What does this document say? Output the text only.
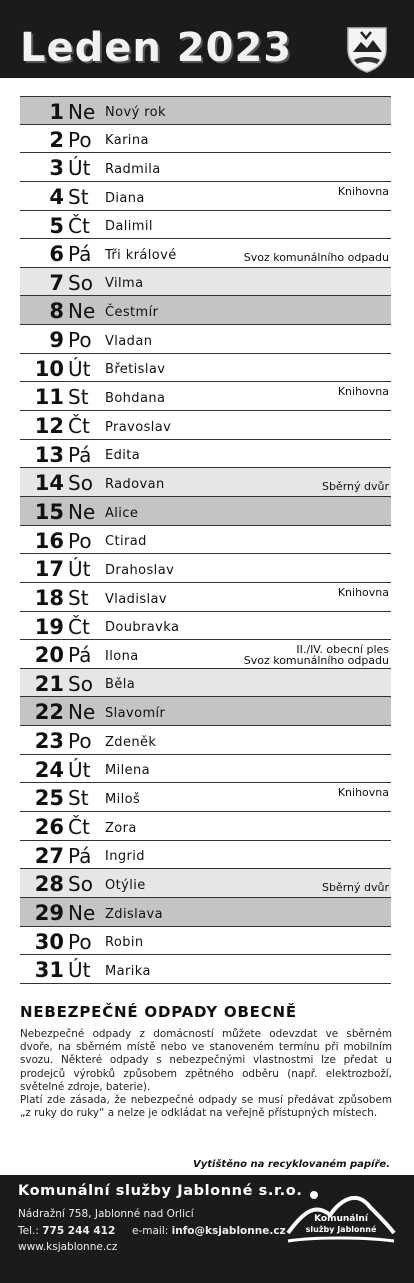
Leden 2023
1 Ne Nový rok
2 Po Karina
3 Út Radmila
4 St Diana	Knihovna
5 Čt Dalimil
6 Pá Tři králové	Svoz komunálního odpadu
7 So Vilma
8 Ne Čestmír
9 Po Vladan
10 Út Břetislav
11 St Bohdana	Knihovna
12 Čt Pravoslav
13 Pá Edita
14 So Radovan	Sběrný dvůr
15 Ne Alice
16 Po Ctirad
17 Út Drahoslav
18 St Vladislav	Knihovna
19 Čt Doubravka
20 Pá Ilona	II./IV. obecní ples
Svoz komunálního odpadu
21 So Běla
22 Ne Slavomír
23 Po Zdeněk
24 Út Milena
25 St Miloš	Knihovna
26 Čt Zora
27 Pá Ingrid
28 So Otýlie	Sběrný dvůr
29 Ne Zdislava
30 Po Robin
31 Út Marika
NEBEZPEČNÉ ODPADY OBECNĚ

Nebezpečné odpady z domácností můžete odevzdat ve sběrném dvoře, na sběrném místě nebo ve stanoveném termínu při mobilním svozu. Některé odpady s nebezpečnými vlastnostmi lze předat u prodejců výrobků způsobem zpětného odběru (např. elektrozboží, světelné zdroje, baterie).

Platí zde zásada, že nebezpečné odpady se musí předávat způsobem „z ruky do ruky“ a nelze je odkládat na veřejně přístupných místech.

Vytištěno na recyklovaném papíře.
Komunální služby Jablonné s.r.o.
Nádražní 758, Jablonné nad Orlicí
Tel.: 775 244 412 e-mail: info@ksjablonne.cz
www.ksjablonne.cz
Komunální
služby Jablonné
